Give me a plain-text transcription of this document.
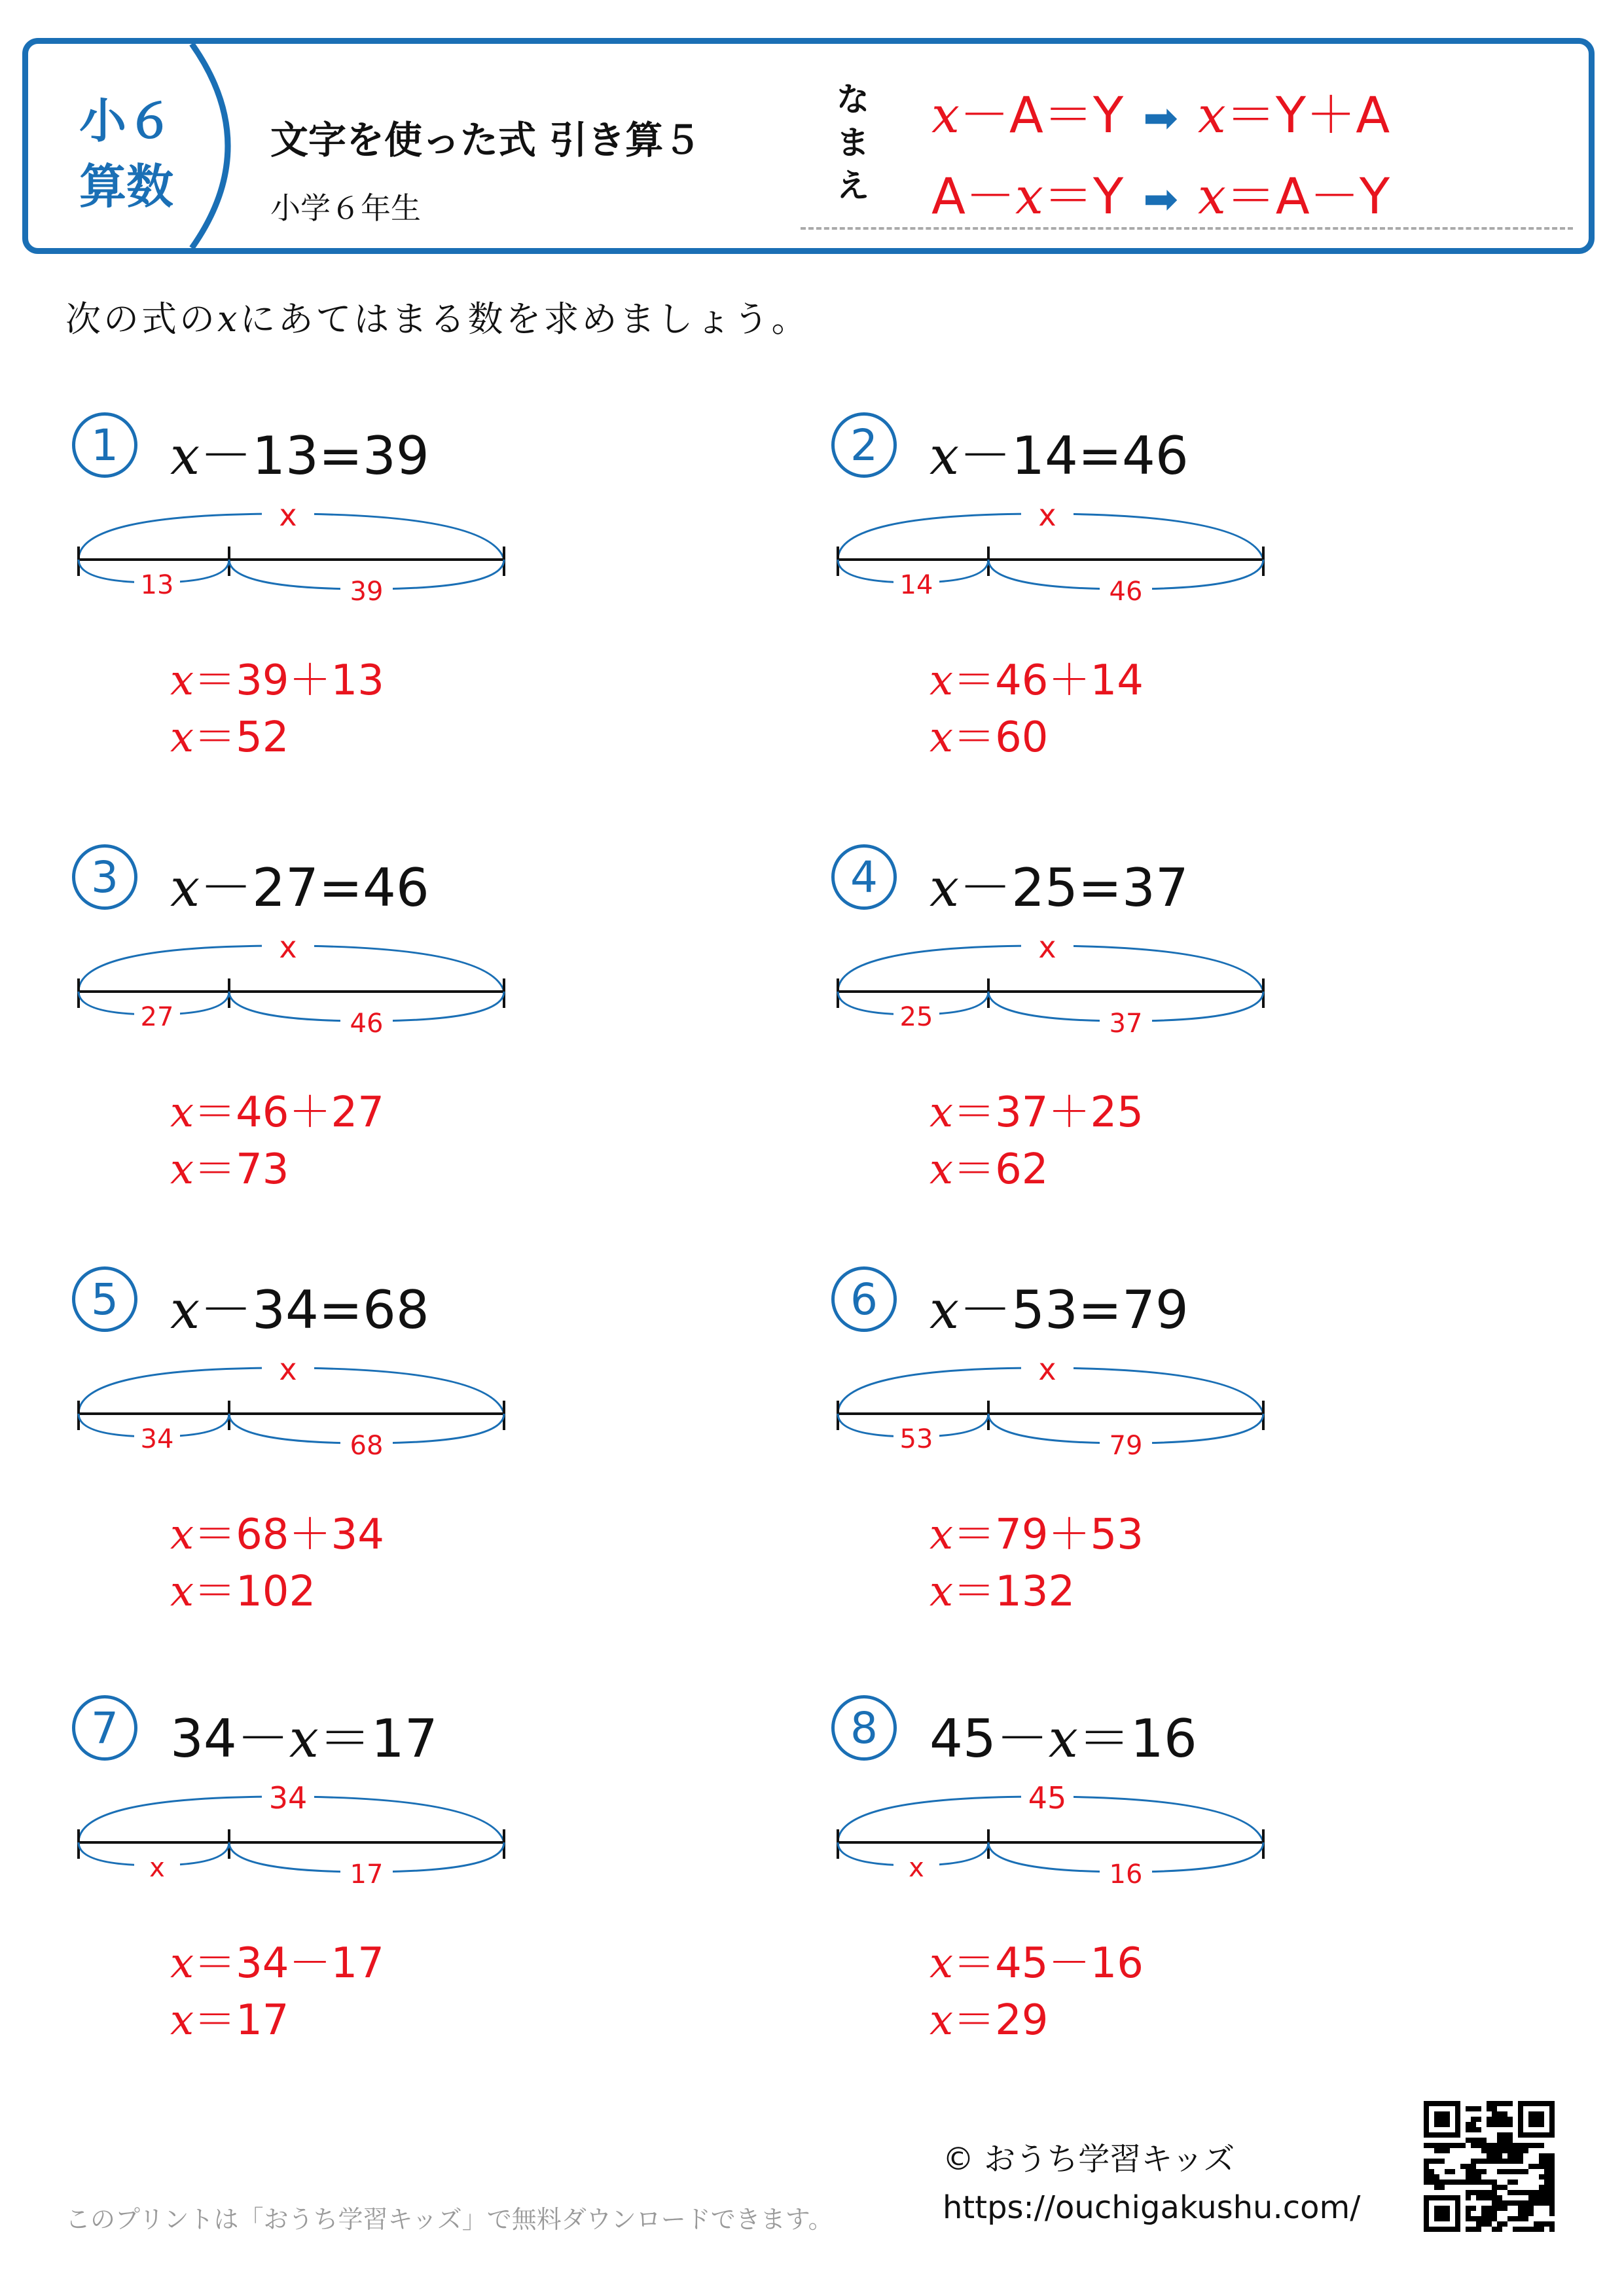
小６
算数
文字を使った式 引き算５
小学６年生
なまえ
x－A＝Y ➡ x＝Y＋A
A－x＝Y ➡ x＝A－Y
次の式のxにあてはまる数を求めましょう。
1 x－13=39
x
13	39
x＝39＋13
x＝52
2 x－14=46
x
14	46
x＝46＋14
x＝60
3 x－27=46
x
27	46
x＝46＋27
x＝73
4 x－25=37
x
25	37
x＝37＋25
x＝62
5 x－34=68
x
34	68
x＝68＋34
x＝102
6 x－53=79
x
53	79
x＝79＋53
x＝132
7 34－x＝17
34
x	17
x＝34－17
x＝17
8 45－x＝16
45
x	16
x＝45－16
x＝29
このプリントは「おうち学習キッズ」で無料ダウンロードできます。
© おうち学習キッズ
https://ouchigakushu.com/
